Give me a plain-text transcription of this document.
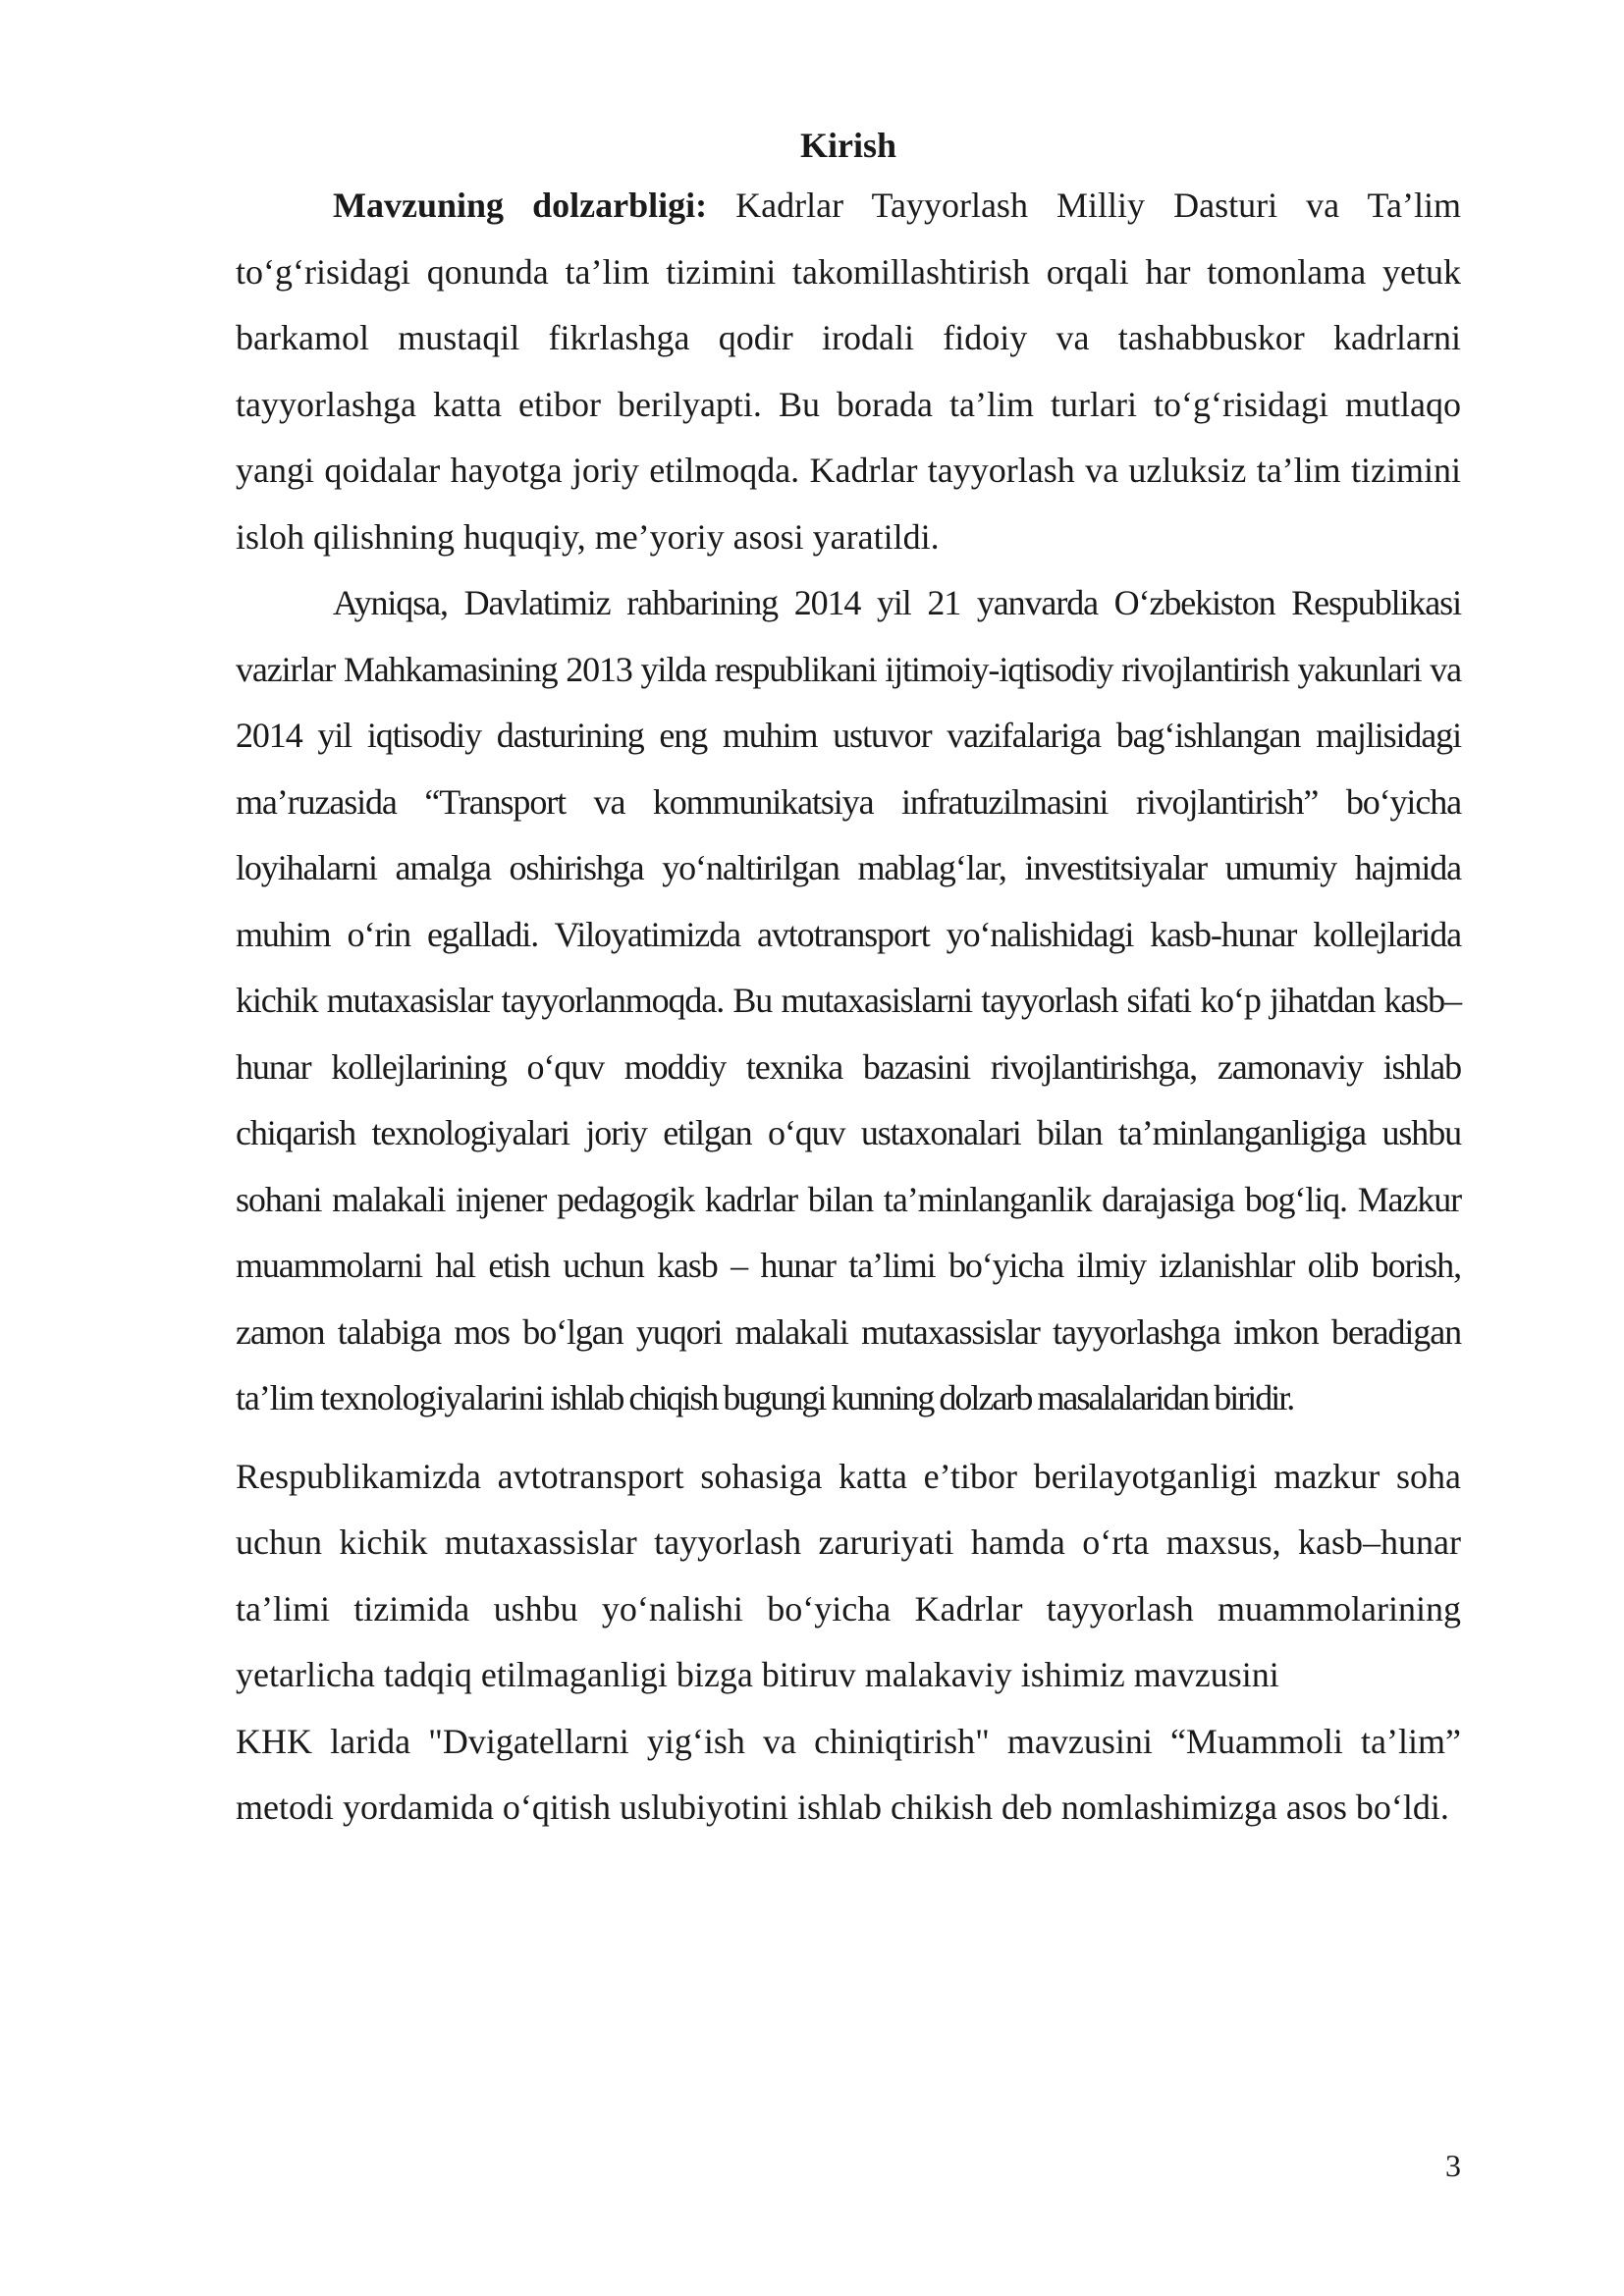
Kirish

Mavzuning dolzarbligi: Kadrlar Tayyorlash Milliy Dasturi va Ta’lim to‘g‘risidagi qonunda ta’lim tizimini takomillashtirish orqali har tomonlama yetuk barkamol mustaqil fikrlashga qodir irodali fidoiy va tashabbuskor kadrlarni tayyorlashga katta etibor berilyapti. Bu borada ta’lim turlari to‘g‘risidagi mutlaqo yangi qoidalar hayotga joriy etilmoqda. Kadrlar tayyorlash va uzluksiz ta’lim tizimini isloh qilishning huquqiy, me’yoriy asosi yaratildi.

Ayniqsa, Davlatimiz rahbarining 2014 yil 21 yanvarda O‘zbekiston Respublikasi vazirlar Mahkamasining 2013 yilda respublikani ijtimoiy-iqtisodiy rivojlantirish yakunlari va 2014 yil iqtisodiy dasturining eng muhim ustuvor vazifalariga bag‘ishlangan majlisidagi ma’ruzasida “Transport va kommunikatsiya infratuzilmasini rivojlantirish” bo‘yicha loyihalarni amalga oshirishga yo‘naltirilgan mablag‘lar, investitsiyalar umumiy hajmida muhim o‘rin egalladi. Viloyatimizda avtotransport yo‘nalishidagi kasb-hunar kollejlarida kichik mutaxasislar tayyorlanmoqda. Bu mutaxasislarni tayyorlash sifati ko‘p jihatdan kasb–hunar kollejlarining o‘quv moddiy texnika bazasini rivojlantirishga, zamonaviy ishlab chiqarish texnologiyalari joriy etilgan o‘quv ustaxonalari bilan ta’minlanganligiga ushbu sohani malakali injener pedagogik kadrlar bilan ta’minlanganlik darajasiga bog‘liq. Mazkur muammolarni hal etish uchun kasb – hunar ta’limi bo‘yicha ilmiy izlanishlar olib borish, zamon talabiga mos bo‘lgan yuqori malakali mutaxassislar tayyorlashga imkon beradigan ta’lim texnologiyalarini ishlab chiqish bugungi kunning dolzarb masalalaridan biridir.

Respublikamizda avtotransport sohasiga katta e’tibor berilayotganligi mazkur soha uchun kichik mutaxassislar tayyorlash zaruriyati hamda o‘rta maxsus, kasb–hunar ta’limi tizimida ushbu yo‘nalishi bo‘yicha Kadrlar tayyorlash muammolarining yetarlicha tadqiq etilmaganligi bizga bitiruv malakaviy ishimiz mavzusini

KHK larida "Dvigatellarni yig‘ish va chiniqtirish" mavzusini “Muammoli ta’lim” metodi yordamida o‘qitish uslubiyotini ishlab chikish deb nomlashimizga asos bo‘ldi.

3
